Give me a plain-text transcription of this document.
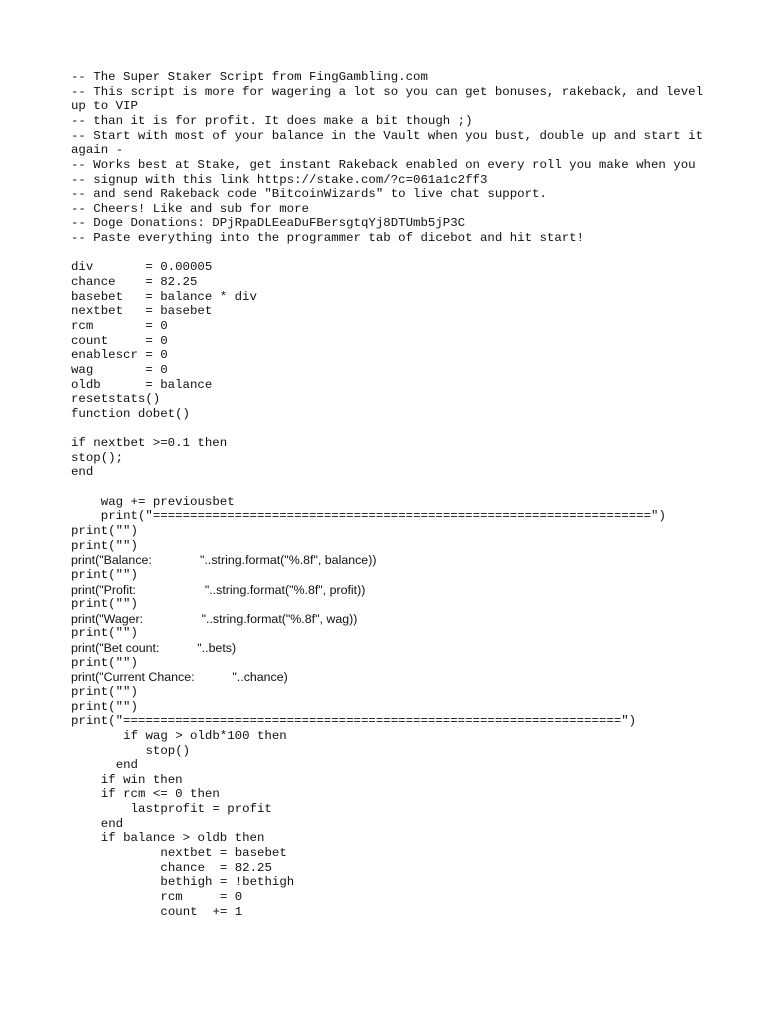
-- The Super Staker Script from FingGambling.com
-- This script is more for wagering a lot so you can get bonuses, rakeback, and level up to VIP
-- than it is for profit. It does make a bit though ;)
-- Start with most of your balance in the Vault when you bust, double up and start it again -
-- Works best at Stake, get instant Rakeback enabled on every roll you make when you
-- signup with this link https://stake.com/?c=061a1c2ff3
-- and send Rakeback code "BitcoinWizards" to live chat support.
-- Cheers! Like and sub for more
-- Doge Donations: DPjRpaDLEeaDuFBersgtqYj8DTUmb5jP3C
-- Paste everything into the programmer tab of dicebot and hit start!

div       = 0.00005
chance    = 82.25
basebet   = balance * div
nextbet   = basebet
rcm       = 0
count     = 0
enablescr = 0
wag       = 0
oldb      = balance
resetstats()
function dobet()

if nextbet >=0.1 then
stop();
end

wag += previousbet
print("===================================================================")
print("")
print("")
print("Balance:              "..string.format("%.8f", balance))
print("")
print("Profit:                    "..string.format("%.8f", profit))
print("")
print("Wager:                 "..string.format("%.8f", wag))
print("")
print("Bet count:           "..bets)
print("")
print("Current Chance:           "..chance)
print("")
print("")
print("===================================================================")
if wag > oldb*100 then
stop()
end
if win then
if rcm <= 0 then
lastprofit = profit
end
if balance > oldb then
nextbet = basebet
chance  = 82.25
bethigh = !bethigh
rcm     = 0
count  += 1
